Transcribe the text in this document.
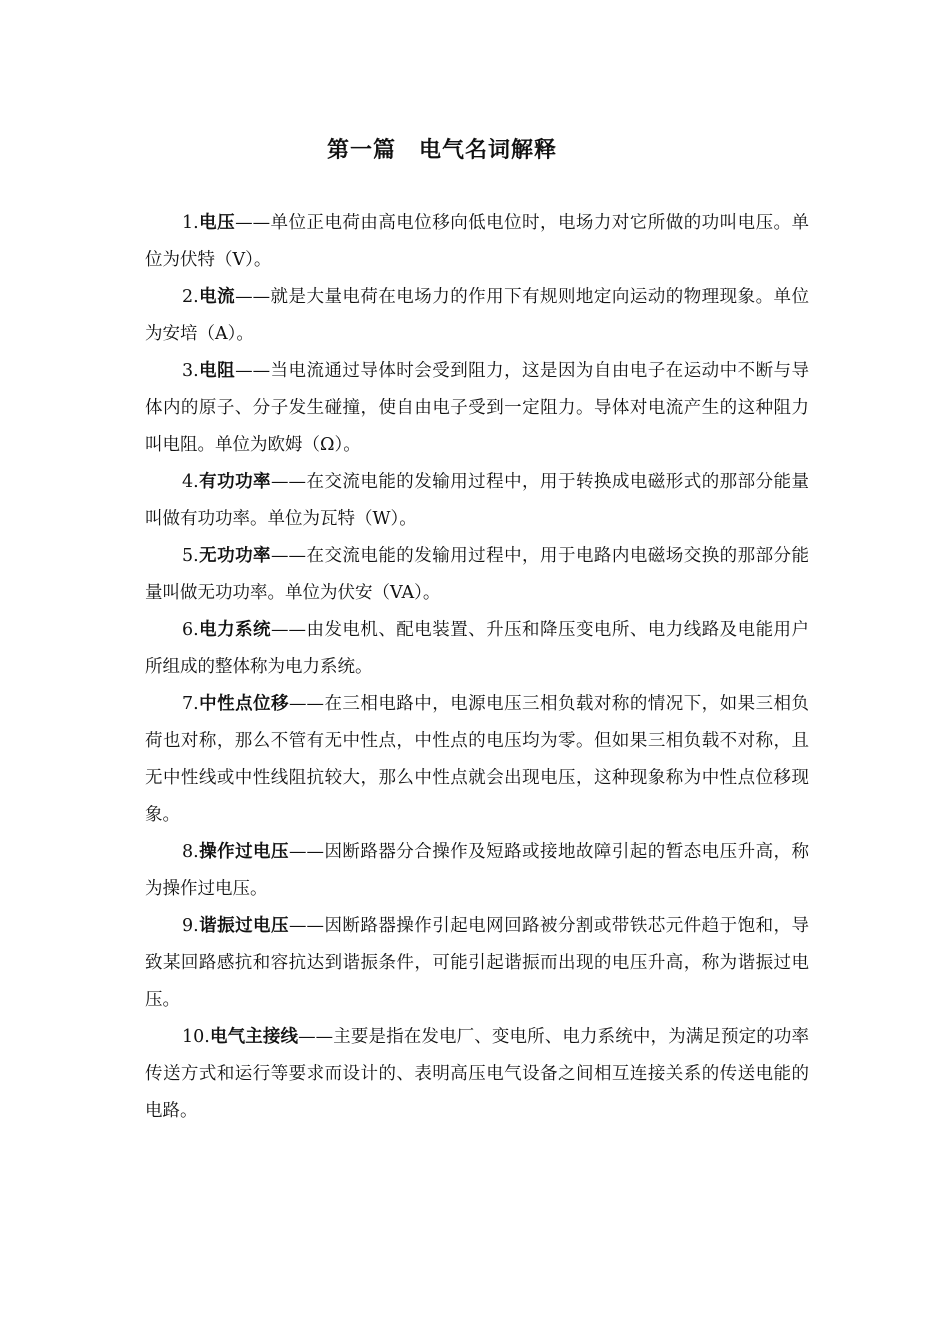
第一篇　电气名词解释

1.电压——单位正电荷由高电位移向低电位时，电场力对它所做的功叫电压。单位为伏特（V）。

2.电流——就是大量电荷在电场力的作用下有规则地定向运动的物理现象。单位为安培（A）。

3.电阻——当电流通过导体时会受到阻力，这是因为自由电子在运动中不断与导体内的原子、分子发生碰撞，使自由电子受到一定阻力。导体对电流产生的这种阻力叫电阻。单位为欧姆（Ω）。

4.有功功率——在交流电能的发输用过程中，用于转换成电磁形式的那部分能量叫做有功功率。单位为瓦特（W）。

5.无功功率——在交流电能的发输用过程中，用于电路内电磁场交换的那部分能量叫做无功功率。单位为伏安（VA）。

6.电力系统——由发电机、配电装置、升压和降压变电所、电力线路及电能用户所组成的整体称为电力系统。

7.中性点位移——在三相电路中，电源电压三相负载对称的情况下，如果三相负荷也对称，那么不管有无中性点，中性点的电压均为零。但如果三相负载不对称，且无中性线或中性线阻抗较大，那么中性点就会出现电压，这种现象称为中性点位移现象。

8.操作过电压——因断路器分合操作及短路或接地故障引起的暂态电压升高，称为操作过电压。

9.谐振过电压——因断路器操作引起电网回路被分割或带铁芯元件趋于饱和，导致某回路感抗和容抗达到谐振条件，可能引起谐振而出现的电压升高，称为谐振过电压。

10.电气主接线——主要是指在发电厂、变电所、电力系统中，为满足预定的功率传送方式和运行等要求而设计的、表明高压电气设备之间相互连接关系的传送电能的电路。
